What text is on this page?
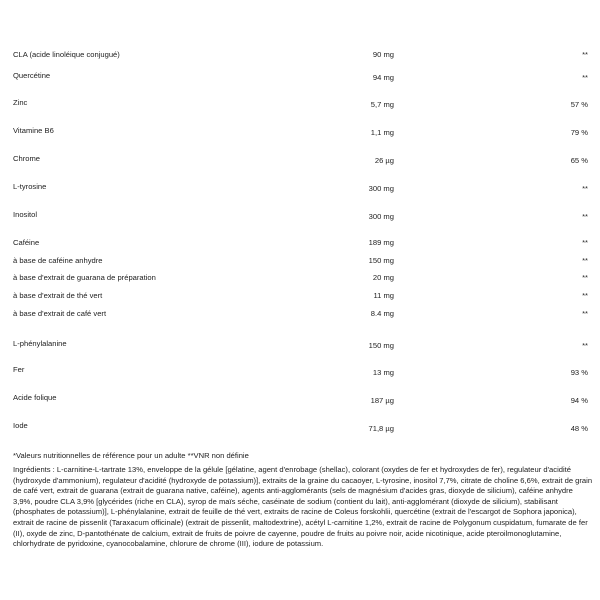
CLA (acide linoléique conjugué)	90 mg	**
Quercétine	94 mg	**
Zinc	5,7 mg	57 %
Vitamine B6	1,1 mg	79 %
Chrome	26 µg	65 %
L-tyrosine	300 mg	**
Inositol	300 mg	**
Caféine	189 mg	**
à base de caféine anhydre	150 mg	**
à base d'extrait de guarana de préparation	20 mg	**
à base d'extrait de thé vert	11 mg	**
à base d'extrait de café vert	8.4 mg	**
L-phénylalanine	150 mg	**
Fer	13 mg	93 %
Acide folique	187 µg	94 %
Iode	71,8 µg	48 %
*Valeurs nutritionnelles de référence pour un adulte **VNR non définie
Ingrédients : L-carnitine-L-tartrate 13%, enveloppe de la gélule [gélatine, agent d'enrobage (shellac), colorant (oxydes de fer et hydroxydes de fer), regulateur d'acidité (hydroxyde d'ammonium), regulateur d'acidité (hydroxyde de potassium)], extraits de la graine du cacaoyer, L-tyrosine, inositol 7,7%, citrate de choline 6,6%, extrait de grain de café vert, extrait de guarana (extrait de guarana native, caféine), agents anti-agglomérants (sels de magnésium d'acides gras, dioxyde de silicium), caféine anhydre 3,9%, poudre CLA 3,9% [glycérides (riche en CLA), syrop de maïs séche, caséinate de sodium (contient du lait), anti-agglomérant (dioxyde de silicium), stabilisant (phosphates de potassium)], L-phénylalanine, extrait de feuille de thé vert, extraits de racine de Coleus forskohlii, quercétine (extrait de l'escargot de Sophora japonica), extrait de racine de pissenlit (Taraxacum officinale) (extrait de pissenlit, maltodextrine), acétyl L-carnitine 1,2%, extrait de racine de Polygonum cuspidatum, fumarate de fer (II), oxyde de zinc, D-pantothénate de calcium, extrait de fruits de poivre de cayenne, poudre de fruits au poivre noir, acide nicotinique, acide pteroilmonoglutamine, chlorhydrate de pyridoxine, cyanocobalamine, chlorure de chrome (III), iodure de potassium.
